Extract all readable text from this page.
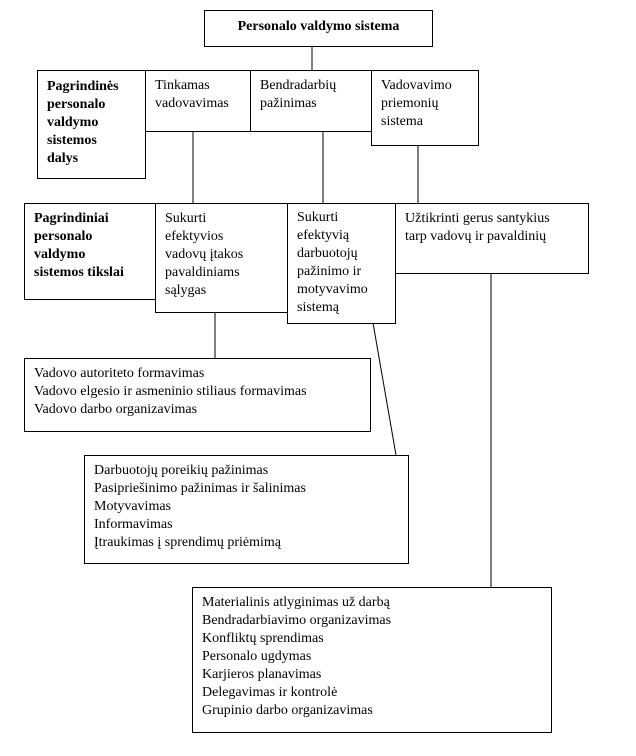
Personalo valdymo sistema
Pagrindinės
personalo
valdymo
sistemos
dalys
Tinkamas
vadovavimas
Bendradarbių
pažinimas
Vadovavimo
priemonių
sistema
Pagrindiniai
personalo
valdymo
sistemos tikslai
Sukurti
efektyvios
vadovų įtakos
pavaldiniams
sąlygas
Sukurti
efektyvią
darbuotojų
pažinimo ir
motyvavimo
sistemą
Užtikrinti gerus santykius
tarp vadovų ir pavaldinių
Vadovo autoriteto formavimas
Vadovo elgesio ir asmeninio stiliaus formavimas
Vadovo darbo organizavimas
Darbuotojų poreikių pažinimas
Pasipriešinimo pažinimas ir šalinimas
Motyvavimas
Informavimas
Įtraukimas į sprendimų priėmimą
Materialinis atlyginimas už darbą
Bendradarbiavimo organizavimas
Konfliktų sprendimas
Personalo ugdymas
Karjieros planavimas
Delegavimas ir kontrolė
Grupinio darbo organizavimas
